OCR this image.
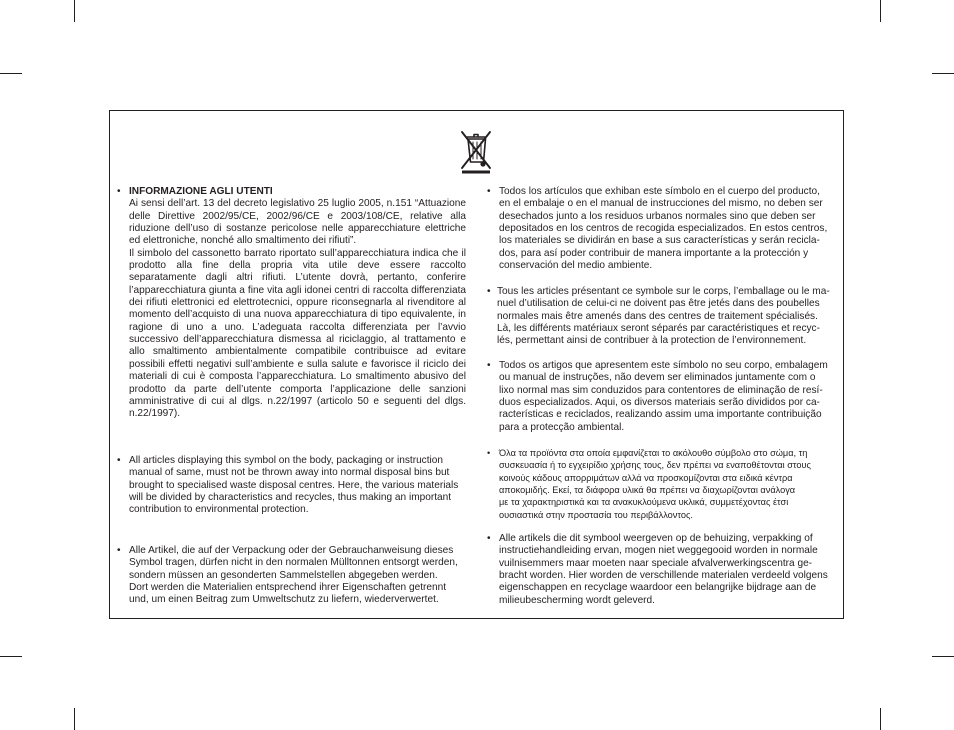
• INFORMAZIONE AGLI UTENTI

Ai sensi dell’art. 13 del decreto legislativo 25 luglio 2005, n.151 “Attuazione delle Direttive 2002/95/CE, 2002/96/CE e 2003/108/CE, relative alla riduzione dell’uso di sostanze pericolose nelle apparecchiature elettriche ed elettroniche, nonché allo smaltimento dei rifiuti”.

Il simbolo del cassonetto barrato riportato sull’apparecchiatura indica che il prodotto alla fine della propria vita utile deve essere raccolto separatamente dagli altri rifiuti. L’utente dovrà, pertanto, conferire l’apparecchiatura giunta a fine vita agli idonei centri di raccolta differenziata dei rifiuti elettronici ed elettrotecnici, oppure riconsegnarla al rivenditore al momento dell’acquisto di una nuova apparecchiatura di tipo equivalente, in ragione di uno a uno. L’adeguata raccolta differenziata per l’avvio successivo dell’apparecchiatura dismessa al riciclaggio, al trattamento e allo smaltimento ambientalmente compatibile contribuisce ad evitare possibili effetti negativi sull’ambiente e sulla salute e favorisce il riciclo dei materiali di cui è composta l’apparecchiatura. Lo smaltimento abusivo del prodotto da parte dell’utente comporta l’applicazione delle sanzioni amministrative di cui al dlgs. n.22/1997 (articolo 50 e seguenti del dlgs. n.22/1997).

• All articles displaying this symbol on the body, packaging or instruction
manual of same, must not be thrown away into normal disposal bins but
brought to specialised waste disposal centres. Here, the various materials
will be divided by characteristics and recycles, thus making an important
contribution to environmental protection.
• Alle Artikel, die auf der Verpackung oder der Gebrauchanweisung dieses
Symbol tragen, dürfen nicht in den normalen Mülltonnen entsorgt werden,
sondern müssen an gesonderten Sammelstellen abgegeben werden.
Dort werden die Materialien entsprechend ihrer Eigenschaften getrennt
und, um einen Beitrag zum Umweltschutz zu liefern, wiederverwertet.
• Todos los artículos que exhiban este símbolo en el cuerpo del producto,
en el embalaje o en el manual de instrucciones del mismo, no deben ser
desechados junto a los residuos urbanos normales sino que deben ser
depositados en los centros de recogida especializados. En estos centros,
los materiales se dividirán en base a sus características y serán recicla-
dos, para así poder contribuir de manera importante a la protección y
conservación del medio ambiente.
• Tous les articles présentant ce symbole sur le corps, l’emballage ou le ma-
nuel d’utilisation de celui-ci ne doivent pas être jetés dans des poubelles
normales mais être amenés dans des centres de traitement spécialisés.
Là, les différents matériaux seront séparés par caractéristiques et recyc-
lés, permettant ainsi de contribuer à la protection de l’environnement.
• Todos os artigos que apresentem este símbolo no seu corpo, embalagem
ou manual de instruções, não devem ser eliminados juntamente com o
lixo normal mas sim conduzidos para contentores de eliminação de resí-
duos especializados. Aqui, os diversos materiais serão divididos por ca-
racterísticas e reciclados, realizando assim uma importante contribuição
para a protecção ambiental.
• Όλα τα προϊόντα στα οποία εμφανίζεται το ακόλουθο σύμβολο στο σώμα, τη
συσκευασία ή το εγχειρίδιο χρήσης τους, δεν πρέπει να εναποθέτονται στους
κοινούς κάδους απορριμάτων αλλά να προσκομίζονται στα ειδικά κέντρα
αποκομιδής. Εκεί, τα διάφορα υλικά θα πρέπει να διαχωρίζονται ανάλογα
με τα χαρακτηριστικά και τα ανακυκλούμενα υκλικά, συμμετέχοντας έτσι
ουσιαστικά στην προστασία του περιβάλλοντος.
• Alle artikels die dit symbool weergeven op de behuizing, verpakking of
instructiehandleiding ervan, mogen niet weggegooid worden in normale
vuilnisemmers maar moeten naar speciale afvalverwerkingscentra ge-
bracht worden. Hier worden de verschillende materialen verdeeld volgens
eigenschappen en recyclage waardoor een belangrijke bijdrage aan de
milieubescherming wordt geleverd.
